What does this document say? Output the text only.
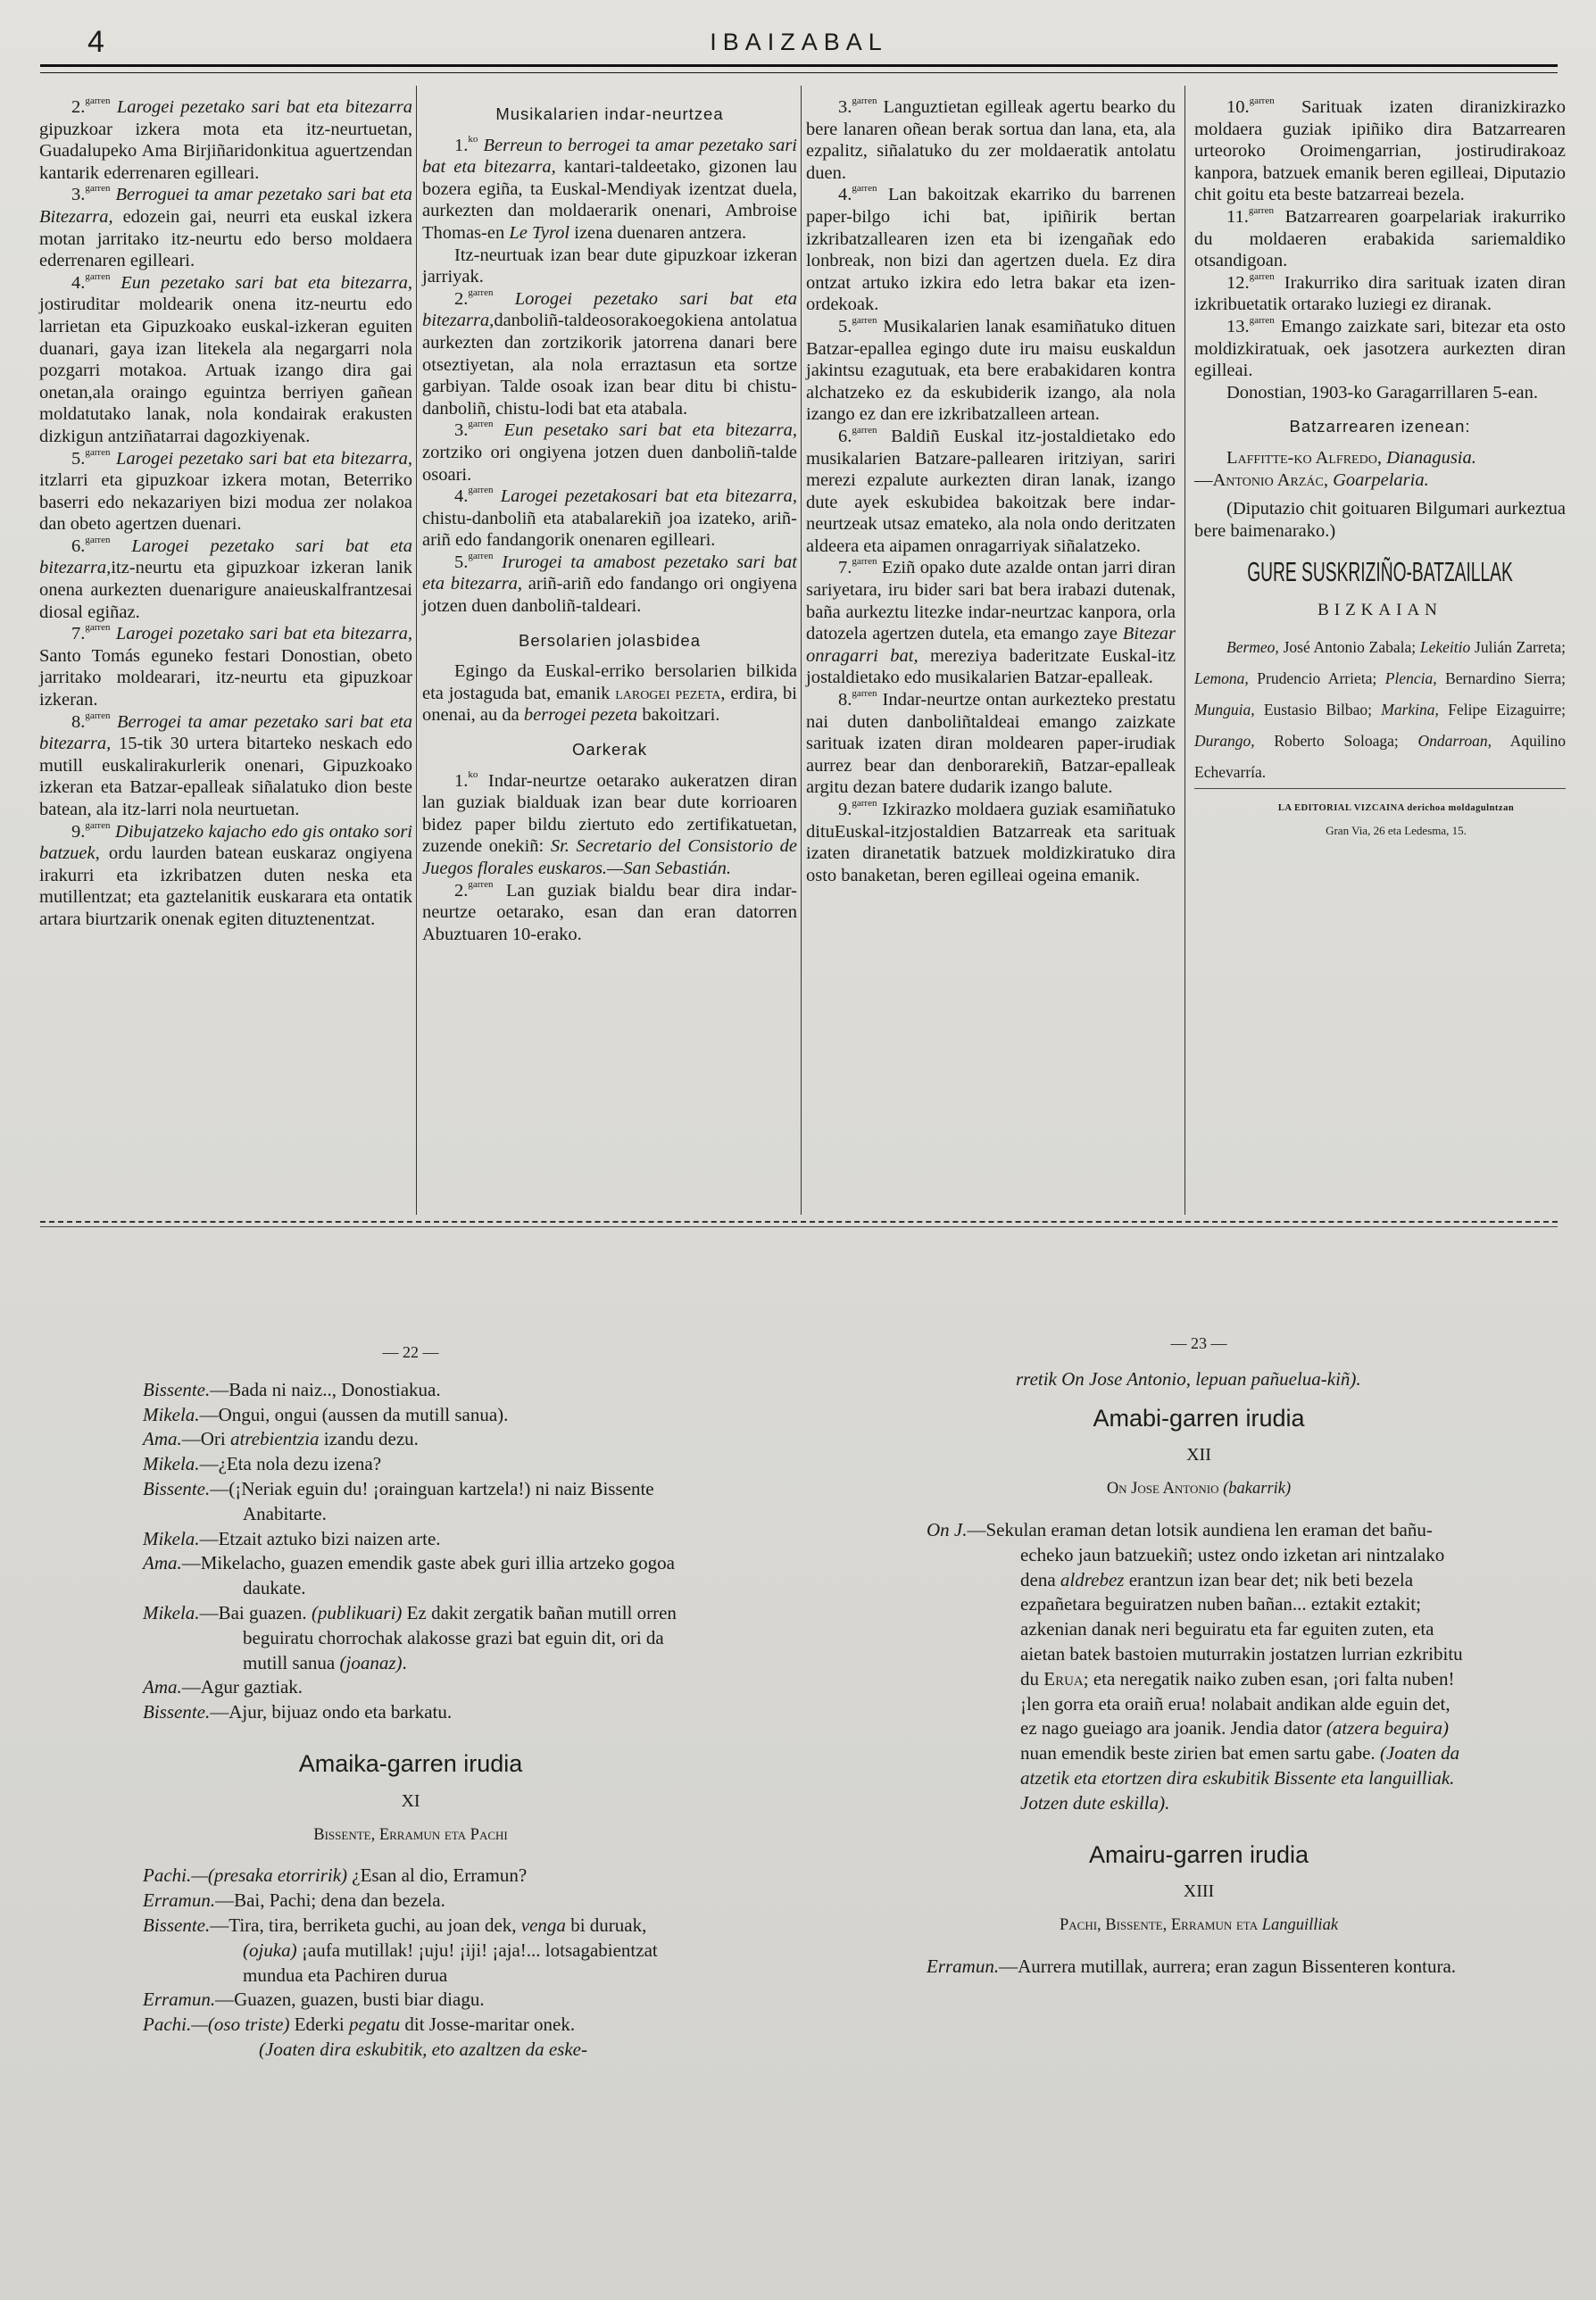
4	IBAIZABAL

2.$^{garren}$ Larogei pezetako sari bat eta bitezarra gipuzkoar izkera mota eta itz-neurtuetan, Guadalupeko Ama Birjiñaridonkitua aguertzendan kantarik ederrenaren egilleari.

3.$^{garren}$ Berroguei ta amar pezetako sari bat eta Bitezarra, edozein gai, neurri eta euskal izkera motan jarritako itz-neurtu edo berso moldaera ederrenaren egilleari.

4.$^{garren}$ Eun pezetako sari bat eta bitezarra, jostiruditar moldearik onena itz-neurtu edo larrietan eta Gipuzkoako euskal-izkeran eguiten duanari, gaya izan litekela ala negargarri nola pozgarri motakoa. Artuak izango dira gai onetan,ala oraingo eguintza berriyen gañean moldatutako lanak, nola kondairak erakusten dizkigun antziñatarrai dagozkiyenak.

5.$^{garren}$ Larogei pezetako sari bat eta bitezarra, itzlarri eta gipuzkoar izkera motan, Beterriko baserri edo nekazariyen bizi modua zer nolakoa dan obeto agertzen duenari.

6.$^{garren}$ Larogei pezetako sari bat eta bitezarra,itz-neurtu eta gipuzkoar izkeran lanik onena aurkezten duenarigure anaieuskalfrantzesai diosal egiñaz.

7.$^{garren}$ Larogei pozetako sari bat eta bitezarra, Santo Tomás eguneko festari Donostian, obeto jarritako moldearari, itz-neurtu eta gipuzkoar izkeran.

8.$^{garren}$ Berrogei ta amar pezetako sari bat eta bitezarra, 15-tik 30 urtera bitarteko neskach edo mutill euskalirakurlerik onenari, Gipuzkoako izkeran eta Batzar-epalleak siñalatuko dion beste batean, ala itz-larri nola neurtuetan.

9.$^{garren}$ Dibujatzeko kajacho edo gis ontako sori batzuek, ordu laurden batean euskaraz ongiyena irakurri eta izkribatzen duten neska eta mutillentzat; eta gaztelanitik euskarara eta ontatik artara biurtzarik onenak egiten dituztenentzat.

Musikalarien indar-neurtzea

1.$^{ko}$ Berreun to berrogei ta amar pezetako sari bat eta bitezarra, kantari-taldeetako, gizonen lau bozera egiña, ta Euskal-Mendiyak izentzat duela, aurkezten dan moldaerarik onenari, Ambroise Thomas-en Le Tyrol izena duenaren antzera.

Itz-neurtuak izan bear dute gipuzkoar izkeran jarriyak.

2.$^{garren}$ Lorogei pezetako sari bat eta bitezarra,danboliñ-taldeosorakoegokiena antolatua aurkezten dan zortzikorik jatorrena danari bere otseztiyetan, ala nola erraztasun eta sortze garbiyan. Talde osoak izan bear ditu bi chistu-danboliñ, chistu-lodi bat eta atabala.

3.$^{garren}$ Eun pesetako sari bat eta bitezarra, zortziko ori ongiyena jotzen duen danboliñ-talde osoari.

4.$^{garren}$ Larogei pezetakosari bat eta bitezarra, chistu-danboliñ eta atabalarekiñ joa izateko, ariñ-ariñ edo fandangorik onenaren egilleari.

5.$^{garren}$ Irurogei ta amabost pezetako sari bat eta bitezarra, ariñ-ariñ edo fandango ori ongiyena jotzen duen danboliñ-taldeari.

Bersolarien jolasbidea

Egingo da Euskal-erriko bersolarien bilkida eta jostaguda bat, emanik larogei pezeta, erdira, bi onenai, au da berrogei pezeta bakoitzari.

Oarkerak

1.$^{ko}$ Indar-neurtze oetarako aukeratzen diran lan guziak bialduak izan bear dute korrioaren bidez paper bildu ziertuto edo zertifikatuetan, zuzende onekiñ: Sr. Secretario del Consistorio de Juegos florales euskaros.—San Sebastián.

2.$^{garren}$ Lan guziak bialdu bear dira indar-neurtze oetarako, esan dan eran datorren Abuztuaren 10-erako.

3.$^{garren}$ Languztietan egilleak agertu bearko du bere lanaren oñean berak sortua dan lana, eta, ala ezpalitz, siñalatuko du zer moldaeratik antolatu duen.

4.$^{garren}$ Lan bakoitzak ekarriko du barrenen paper-bilgo ichi bat, ipiñirik bertan izkribatzallearen izen eta bi izengañak edo lonbreak, non bizi dan agertzen duela. Ez dira ontzat artuko izkira edo letra bakar eta izen-ordekoak.

5.$^{garren}$ Musikalarien lanak esamiñatuko dituen Batzar-epallea egingo dute iru maisu euskaldun jakintsu ezagutuak, eta bere erabakidaren kontra alchatzeko ez da eskubiderik izango, ala nola izango ez dan ere izkribatzalleen artean.

6.$^{garren}$ Baldiñ Euskal itz-jostaldietako edo musikalarien Batzare-pallearen iritziyan, sariri merezi ezpalute aurkezten diran lanak, izango dute ayek eskubidea bakoitzak bere indar-neurtzeak utsaz emateko, ala nola ondo deritzaten aldeera eta aipamen onragarriyak siñalatzeko.

7.$^{garren}$ Eziñ opako dute azalde ontan jarri diran sariyetara, iru bider sari bat bera irabazi dutenak, baña aurkeztu litezke indar-neurtzac kanpora, orla datozela agertzen dutela, eta emango zaye Bitezar onragarri bat, mereziya baderitzate Euskal-itz jostaldietako edo musikalarien Batzar-epalleak.

8.$^{garren}$ Indar-neurtze ontan aurkezteko prestatu nai duten danboliñtaldeai emango zaizkate sarituak izaten diran moldearen paper-irudiak aurrez bear dan denborarekiñ, Batzar-epalleak argitu dezan batere dudarik izango balute.

9.$^{garren}$ Izkirazko moldaera guziak esamiñatuko dituEuskal-itzjostaldien Batzarreak eta sarituak izaten diranetatik batzuek moldizkiratuko dira osto banaketan, beren egilleai ogeina emanik.

10.$^{garren}$ Sarituak izaten diranizkirazko moldaera guziak ipiñiko dira Batzarrearen urteoroko Oroimengarrian, jostirudirakoaz kanpora, batzuek emanik beren egilleai, Diputazio chit goitu eta beste batzarreai bezela.

11.$^{garren}$ Batzarrearen goarpelariak irakurriko du moldaeren erabakida sariemaldiko otsandigoan.

12.$^{garren}$ Irakurriko dira sarituak izaten diran izkribuetatik ortarako luziegi ez diranak.

13.$^{garren}$ Emango zaizkate sari, bitezar eta osto moldizkiratuak, oek jasotzera aurkezten diran egilleai.

Donostian, 1903-ko Garagarrillaren 5-ean.

Batzarrearen izenean:

Laffitte-ko Alfredo, Dianagusia.
—Antonio Arzác, Goarpelaria.

(Diputazio chit goituaren Bilgumari aurkeztua bere baimenarako.)

GURE SUSKRIZIÑO-BATZAILLAK
BIZKAIAN

Bermeo, José Antonio Zabala; Lekeitio Julián Zarreta; Lemona, Prudencio Arrieta; Plencia, Bernardino Sierra; Munguia, Eustasio Bilbao; Markina, Felipe Eizaguirre; Durango, Roberto Soloaga; Ondarroan, Aquilino Echevarría.

LA EDITORIAL VIZCAINA derichoa moldagulntzan

Gran Via, 26 eta Ledesma, 15.

— 22 —

Bissente.—Bada ni naiz.., Donostiakua.

Mikela.—Ongui, ongui (aussen da mutill sanua).

Ama.—Ori atrebientzia izandu dezu.

Mikela.—¿Eta nola dezu izena?

Bissente.—(¡Neriak eguin du! ¡orainguan kartzela!) ni naiz Bissente Anabitarte.

Mikela.—Etzait aztuko bizi naizen arte.

Ama.—Mikelacho, guazen emendik gaste abek guri illia artzeko gogoa daukate.

Mikela.—Bai guazen. (publikuari) Ez dakit zergatik bañan mutill orren beguiratu chorrochak alakosse grazi bat eguin dit, ori da mutill sanua (joanaz).

Ama.—Agur gaztiak.

Bissente.—Ajur, bijuaz ondo eta barkatu.

Amaika-garren irudia
XI
Bissente, Erramun eta Pachi

Pachi.—(presaka etorririk) ¿Esan al dio, Erramun?

Erramun.—Bai, Pachi; dena dan bezela.

Bissente.—Tira, tira, berriketa guchi, au joan dek, venga bi duruak, (ojuka) ¡aufa mutillak! ¡uju! ¡iji! ¡aja!... lotsagabientzat mundua eta Pachiren durua

Erramun.—Guazen, guazen, busti biar diagu.

Pachi.—(oso triste) Ederki pegatu dit Josse-maritar onek.

(Joaten dira eskubitik, eto azaltzen da eske-

— 23 —

rretik On Jose Antonio, lepuan pañuelua-kiñ).

Amabi-garren irudia
XII
On Jose Antonio (bakarrik)

On J.—Sekulan eraman detan lotsik aundiena len eraman det bañu-echeko jaun batzuekiñ; ustez ondo izketan ari nintzalako dena aldrebez erantzun izan bear det; nik beti bezela ezpañetara beguiratzen nuben bañan... eztakit eztakit; azkenian danak neri beguiratu eta far eguiten zuten, eta aietan batek bastoien muturrakin jostatzen lurrian ezkribitu du Erua; eta neregatik naiko zuben esan, ¡ori falta nuben! ¡len gorra eta oraiñ erua! nolabait andikan alde eguin det, ez nago gueiago ara joanik. Jendia dator (atzera beguira) nuan emendik beste zirien bat emen sartu gabe. (Joaten da atzetik eta etortzen dira eskubitik Bissente eta languilliak. Jotzen dute eskilla).

Amairu-garren irudia
XIII
Pachi, Bissente, Erramun eta Languilliak

Erramun.—Aurrera mutillak, aurrera; eran zagun Bissenteren kontura.
